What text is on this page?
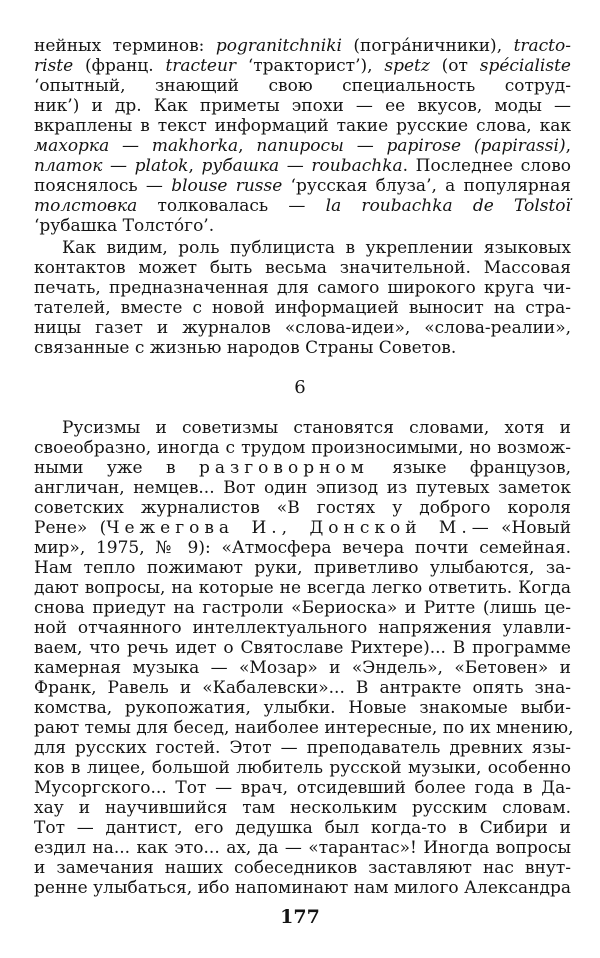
нейных терминов: pogranitchniki (погра́ничники), tracto-

riste (франц. tracteur ‘тракторист’), spetz (от spécialiste

‘опытный, знающий свою специальность сотруд-

ник’) и др. Как приметы эпохи — ее вкусов, моды —

вкраплены в текст информаций такие русские слова, как

махорка — makhorka, папиросы — papirose (papirassi),

платок — platok, рубашка — roubachka. Последнее слово

пояснялось — blouse russe ‘русская блуза’, а популярная

толстовка толковалась — la roubachka de Tolstoï

‘рубашка Толсто́го’.

Как видим, роль публициста в укреплении языковых

контактов может быть весьма значительной. Массовая

печать, предназначенная для самого широкого круга чи-

тателей, вместе с новой информацией выносит на стра-

ницы газет и журналов «слова-идеи», «слова-реалии»,

связанные с жизнью народов Страны Советов.

6

Русизмы и советизмы становятся словами, хотя и

своеобразно, иногда с трудом произносимыми, но возмож-

ными уже в разговорном языке французов,

англичан, немцев... Вот один эпизод из путевых заметок

советских журналистов «В гостях у доброго короля

Рене» (Чежегова И., Донской М.— «Новый

мир», 1975, № 9): «Атмосфера вечера почти семейная.

Нам тепло пожимают руки, приветливо улыбаются, за-

дают вопросы, на которые не всегда легко ответить. Когда

снова приедут на гастроли «Бериоска» и Ритте (лишь це-

ной отчаянного интеллектуального напряжения улавли-

ваем, что речь идет о Святославе Рихтере)... В программе

камерная музыка — «Мозар» и «Эндель», «Бетовен» и

Франк, Равель и «Кабалевски»... В антракте опять зна-

комства, рукопожатия, улыбки. Новые знакомые выби-

рают темы для бесед, наиболее интересные, по их мнению,

для русских гостей. Этот — преподаватель древних язы-

ков в лицее, большой любитель русской музыки, особенно

Мусоргского... Тот — врач, отсидевший более года в Да-

хау и научившийся там нескольким русским словам.

Тот — дантист, его дедушка был когда-то в Сибири и

ездил на... как это... ах, да — «тарантас»! Иногда вопросы

и замечания наших собеседников заставляют нас внут-

ренне улыбаться, ибо напоминают нам милого Александра

177
